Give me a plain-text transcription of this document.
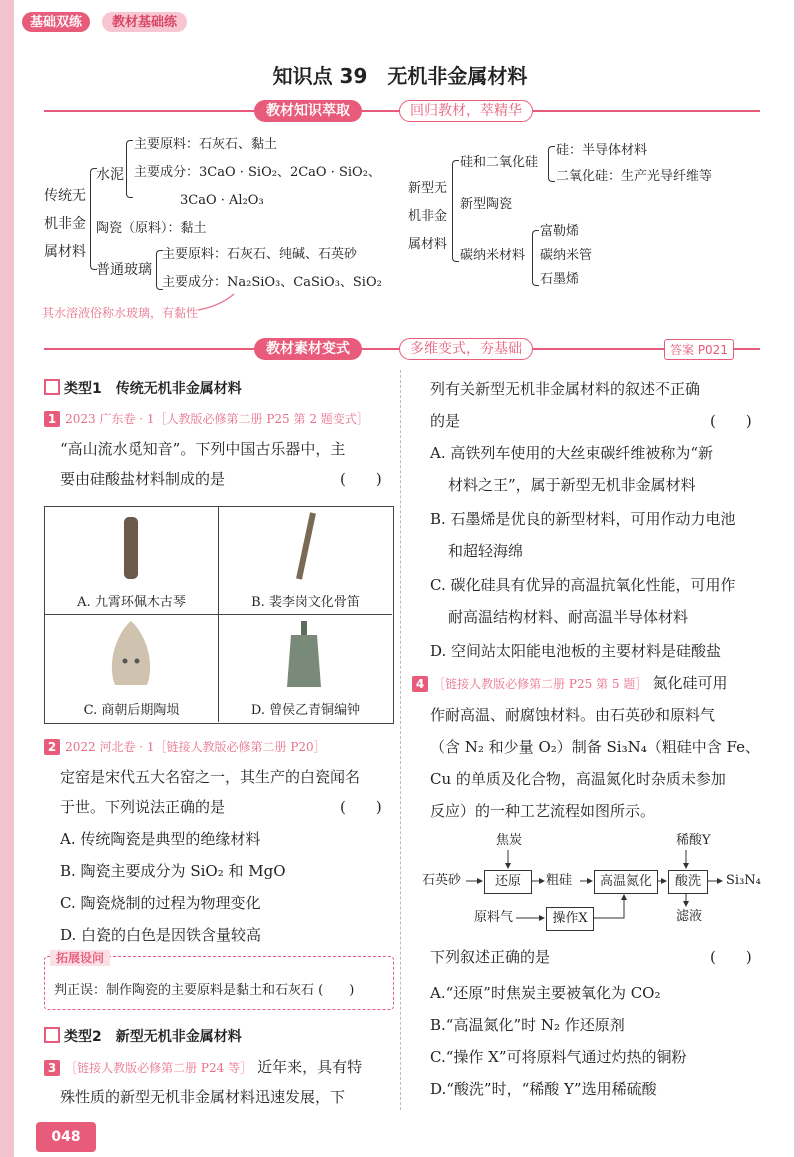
基础双练	教材基础练
知识点 39　无机非金属材料
教材知识萃取	回归教材，萃精华
传统无
机非金
属材料
水泥
主要原料：石灰石、黏土
主要成分：3CaO · SiO₂、2CaO · SiO₂、
3CaO · Al₂O₃
陶瓷（原料）：黏土
普通玻璃
主要原料：石灰石、纯碱、石英砂
主要成分：Na₂SiO₃、CaSiO₃、SiO₂
其水溶液俗称水玻璃，有黏性
新型无
机非金
属材料
硅和二氧化硅
硅：半导体材料
二氧化硅：生产光导纤维等
新型陶瓷
碳纳米材料
富勒烯
碳纳米管
石墨烯
教材素材变式	多维变式，夯基础	答案 P021
类型1　传统无机非金属材料
1 2023 广东卷 · 1［人教版必修第二册 P25 第 2 题变式］
“高山流水觅知音”。下列中国古乐器中，主
要由硅酸盐材料制成的是	(　　)
A. 九霄环佩木古琴	B. 裴李岗文化骨笛
C. 商朝后期陶埙	D. 曾侯乙青铜编钟
2 2022 河北卷 · 1［链接人教版必修第二册 P20］
定窑是宋代五大名窑之一，其生产的白瓷闻名
于世。下列说法正确的是	(　　)
A. 传统陶瓷是典型的绝缘材料
B. 陶瓷主要成分为 SiO₂ 和 MgO
C. 陶瓷烧制的过程为物理变化
D. 白瓷的白色是因铁含量较高
拓展设问
判正误：制作陶瓷的主要原料是黏土和石灰石 (　　)
类型2　新型无机非金属材料
3 ［链接人教版必修第二册 P24 等］ 近年来，具有特
殊性质的新型无机非金属材料迅速发展，下
列有关新型无机非金属材料的叙述不正确
的是	(　　)
A. 高铁列车使用的大丝束碳纤维被称为“新
材料之王”，属于新型无机非金属材料
B. 石墨烯是优良的新型材料，可用作动力电池
和超轻海绵
C. 碳化硅具有优异的高温抗氧化性能，可用作
耐高温结构材料、耐高温半导体材料
D. 空间站太阳能电池板的主要材料是硅酸盐
4 ［链接人教版必修第二册 P25 第 5 题］ 氮化硅可用
作耐高温、耐腐蚀材料。由石英砂和原料气
（含 N₂ 和少量 O₂）制备 Si₃N₄（粗硅中含 Fe、
Cu 的单质及化合物，高温氮化时杂质未参加
反应）的一种工艺流程如图所示。
焦炭	稀酸Y
石英砂	还原	粗硅	高温氮化	酸洗	Si₃N₄
滤液
原料气	操作X
下列叙述正确的是	(　　)
A.“还原”时焦炭主要被氧化为 CO₂
B.“高温氮化”时 N₂ 作还原剂
C.“操作 X”可将原料气通过灼热的铜粉
D.“酸洗”时，“稀酸 Y”选用稀硫酸
048
